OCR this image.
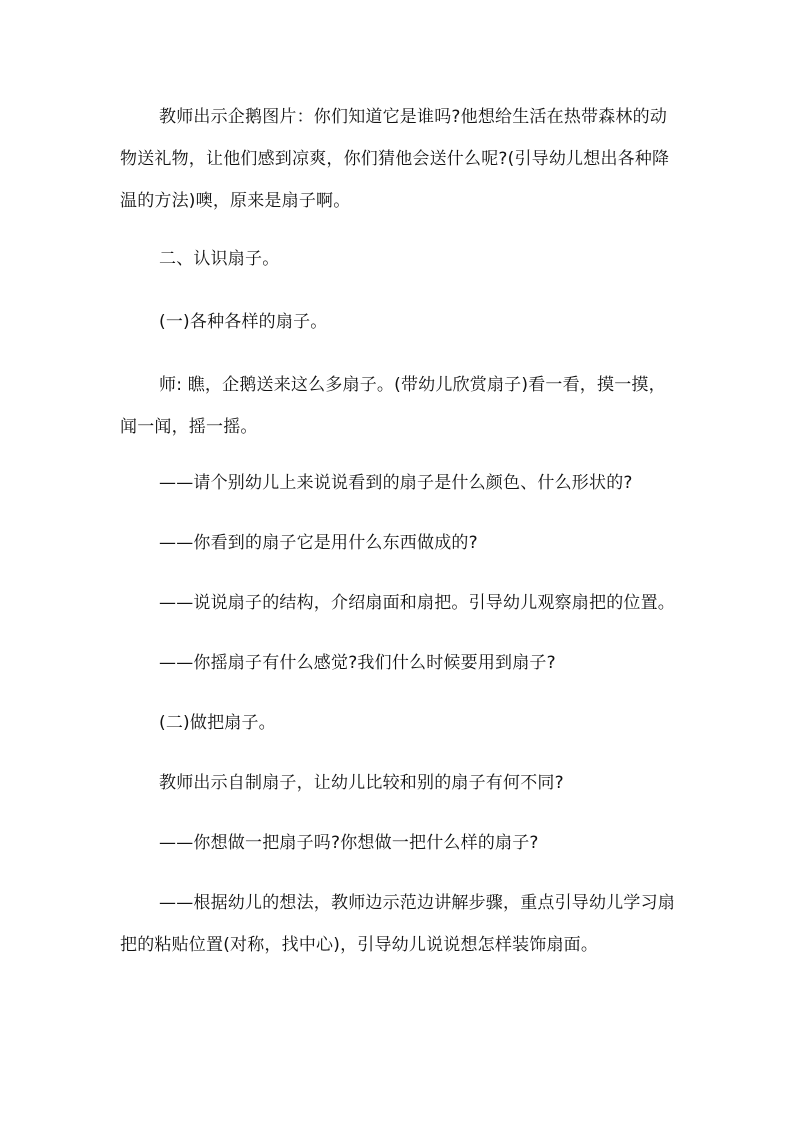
教师出示企鹅图片：你们知道它是谁吗?他想给生活在热带森林的动物送礼物，让他们感到凉爽，你们猜他会送什么呢?(引导幼儿想出各种降温的方法)噢，原来是扇子啊。

二、认识扇子。

(一)各种各样的扇子。

师: 瞧，企鹅送来这么多扇子。(带幼儿欣赏扇子)看一看，摸一摸，闻一闻，摇一摇。

——请个别幼儿上来说说看到的扇子是什么颜色、什么形状的?

——你看到的扇子它是用什么东西做成的?

——说说扇子的结构，介绍扇面和扇把。引导幼儿观察扇把的位置。

——你摇扇子有什么感觉?我们什么时候要用到扇子?

(二)做把扇子。

教师出示自制扇子，让幼儿比较和别的扇子有何不同?

——你想做一把扇子吗?你想做一把什么样的扇子?

——根据幼儿的想法，教师边示范边讲解步骤，重点引导幼儿学习扇把的粘贴位置(对称，找中心)，引导幼儿说说想怎样装饰扇面。
